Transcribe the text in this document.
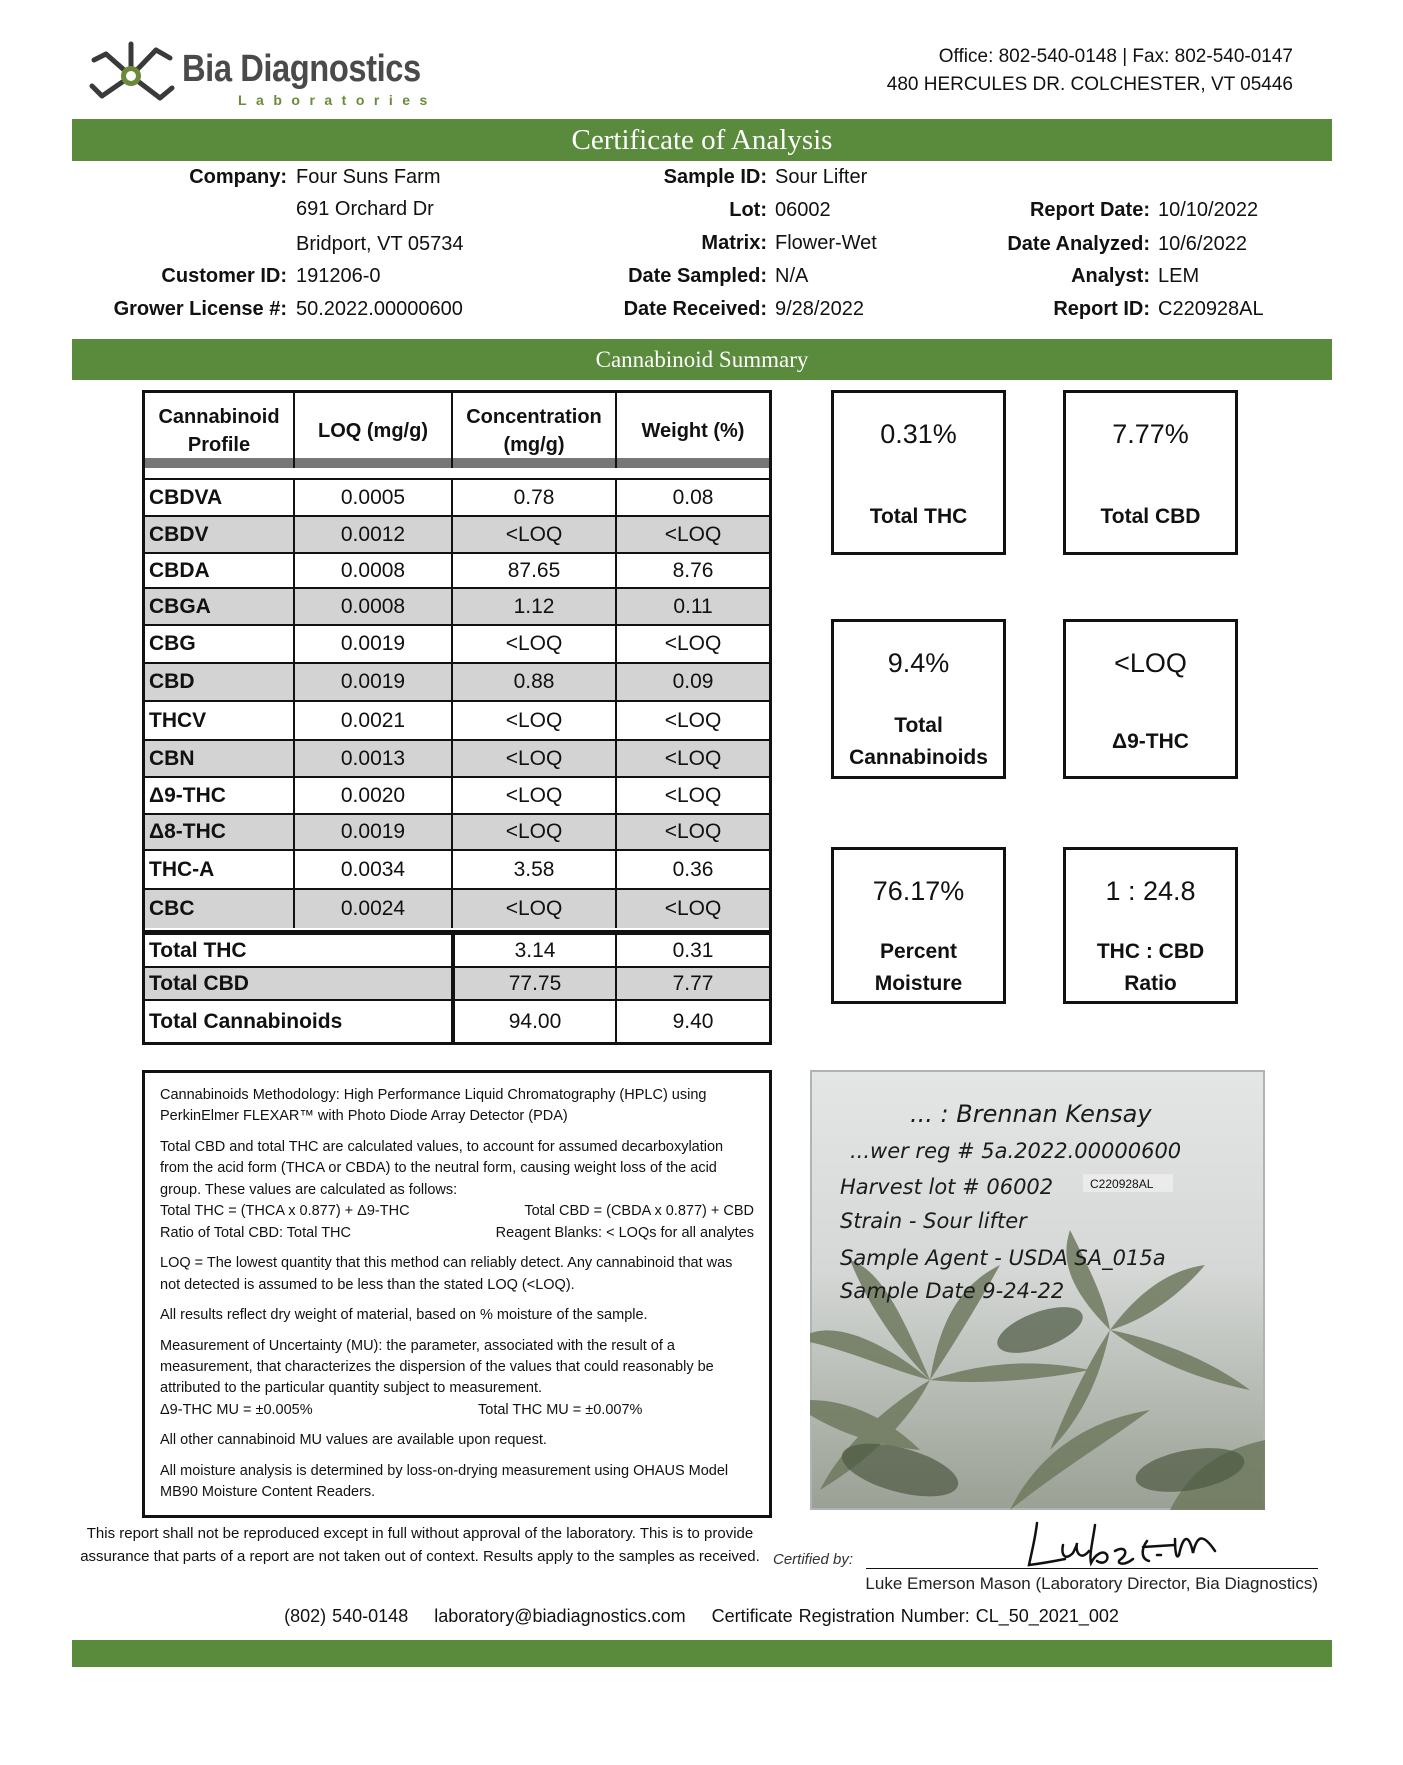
Bia Diagnostics
Laboratories
Office: 802-540-0148 | Fax: 802-540-0147
480 HERCULES DR. COLCHESTER, VT 05446
Certificate of Analysis
Company: Four Suns Farm
691 Orchard Dr
Bridport, VT 05734
Customer ID: 191206-0
Grower License #: 50.2022.00000600
Sample ID: Sour Lifter
Lot: 06002
Matrix: Flower-Wet
Date Sampled: N/A
Date Received: 9/28/2022
Report Date: 10/10/2022
Date Analyzed: 10/6/2022
Analyst: LEM
Report ID: C220928AL
Cannabinoid Summary
Cannabinoid
Profile
LOQ (mg/g)
Concentration
(mg/g)
Weight (%)
CBDVA	0.0005	0.78	0.08
CBDV	0.0012	<LOQ	<LOQ
CBDA	0.0008	87.65	8.76
CBGA	0.0008	1.12	0.11
CBG	0.0019	<LOQ	<LOQ
CBD	0.0019	0.88	0.09
THCV	0.0021	<LOQ	<LOQ
CBN	0.0013	<LOQ	<LOQ
Δ9-THC	0.0020	<LOQ	<LOQ
Δ8-THC	0.0019	<LOQ	<LOQ
THC-A	0.0034	3.58	0.36
CBC	0.0024	<LOQ	<LOQ
Total THC	3.14	0.31
Total CBD	77.75	7.77
Total Cannabinoids	94.00	9.40
0.31%
Total THC
7.77%
Total CBD
9.4%
Total
Cannabinoids
<LOQ
Δ9-THC
76.17%
Percent
Moisture
1 : 24.8
THC : CBD
Ratio

Cannabinoids Methodology: High Performance Liquid Chromatography (HPLC) using PerkinElmer FLEXAR™ with Photo Diode Array Detector (PDA)

Total CBD and total THC are calculated values, to account for assumed decarboxylation from the acid form (THCA or CBDA) to the neutral form, causing weight loss of the acid group. These values are calculated as follows:

Total THC = (THCA x 0.877) + Δ9-THC	Total CBD = (CBDA x 0.877) + CBD
Ratio of Total CBD: Total THC	Reagent Blanks: < LOQs for all analytes

LOQ = The lowest quantity that this method can reliably detect. Any cannabinoid that was not detected is assumed to be less than the stated LOQ (<LOQ).

All results reflect dry weight of material, based on % moisture of the sample.

Measurement of Uncertainty (MU): the parameter, associated with the result of a measurement, that characterizes the dispersion of the values that could reasonably be attributed to the particular quantity subject to measurement.

Δ9-THC MU = ±0.005%	Total THC MU = ±0.007%

All other cannabinoid MU values are available upon request.

All moisture analysis is determined by loss-on-drying measurement using OHAUS Model MB90 Moisture Content Readers.

... : Brennan Kensay
...wer reg # 5a.2022.00000600
Harvest lot # 06002
Strain - Sour lifter
Sample Agent - USDA SA_015a
Sample Date 9-24-22
C220928AL
This report shall not be reproduced except in full without approval of the laboratory. This is to provide assurance that parts of a report are not taken out of context. Results apply to the samples as received. Certified by:
Luke Emerson Mason (Laboratory Director, Bia Diagnostics)
(802) 540-0148 laboratory@biadiagnostics.com Certificate Registration Number: CL_50_2021_002
